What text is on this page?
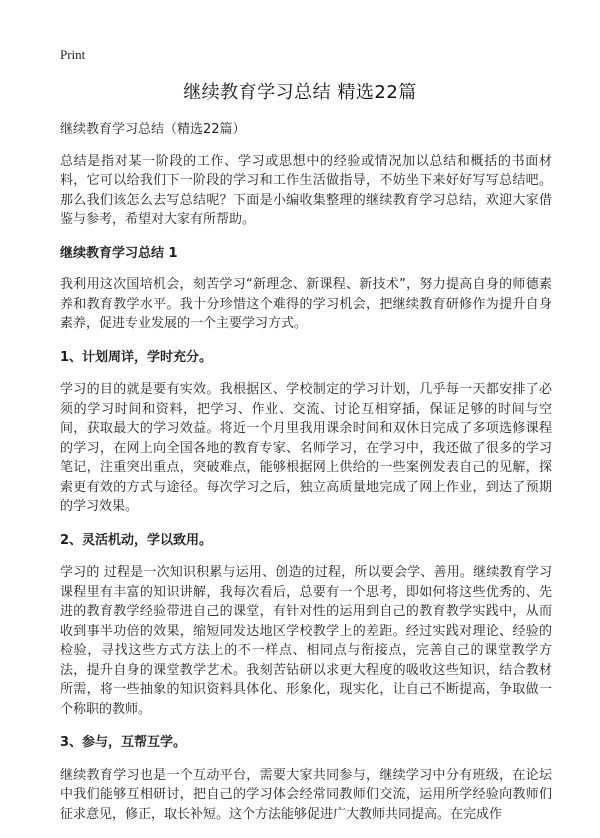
Print
继续教育学习总结 精选22篇

继续教育学习总结（精选22篇）

总结是指对某一阶段的工作、学习或思想中的经验或情况加以总结和概括的书面材料，它可以给我们下一阶段的学习和工作生活做指导，不妨坐下来好好写写总结吧。那么我们该怎么去写总结呢？下面是小编收集整理的继续教育学习总结，欢迎大家借鉴与参考，希望对大家有所帮助。

继续教育学习总结 1

我利用这次国培机会，刻苦学习“新理念、新课程、新技术”，努力提高自身的师德素养和教育教学水平。我十分珍惜这个难得的学习机会，把继续教育研修作为提升自身素养，促进专业发展的一个主要学习方式。

1、计划周详，学时充分。

学习的目的就是要有实效。我根据区、学校制定的学习计划，几乎每一天都安排了必须的学习时间和资料，把学习、作业、交流、讨论互相穿插，保证足够的时间与空间，获取最大的学习效益。将近一个月里我用课余时间和双休日完成了多项选修课程的学习，在网上向全国各地的教育专家、名师学习，在学习中，我还做了很多的学习笔记，注重突出重点，突破难点，能够根据网上供给的一些案例发表自己的见解，探索更有效的方式与途径。每次学习之后，独立高质量地完成了网上作业，到达了预期的学习效果。

2、灵活机动，学以致用。

学习的 过程是一次知识积累与运用、创造的过程，所以要会学、善用。继续教育学习课程里有丰富的知识讲解，我每次看后，总要有一个思考，即如何将这些优秀的、先进的教育教学经验带进自己的课堂，有针对性的运用到自己的教育教学实践中，从而收到事半功倍的效果，缩短同发达地区学校教学上的差距。经过实践对理论、经验的检验，寻找这些方式方法上的不一样点、相同点与衔接点，完善自己的课堂教学方法，提升自身的课堂教学艺术。我刻苦钻研以求更大程度的吸收这些知识，结合教材所需，将一些抽象的知识资料具体化、形象化，现实化，让自己不断提高，争取做一个称职的教师。

3、参与，互帮互学。

继续教育学习也是一个互动平台，需要大家共同参与，继续学习中分有班级，在论坛中我们能够互相研讨，把自己的学习体会经常同教师们交流，运用所学经验向教师们征求意见，修正，取长补短。这个方法能够促进广大教师共同提高。在完成作
